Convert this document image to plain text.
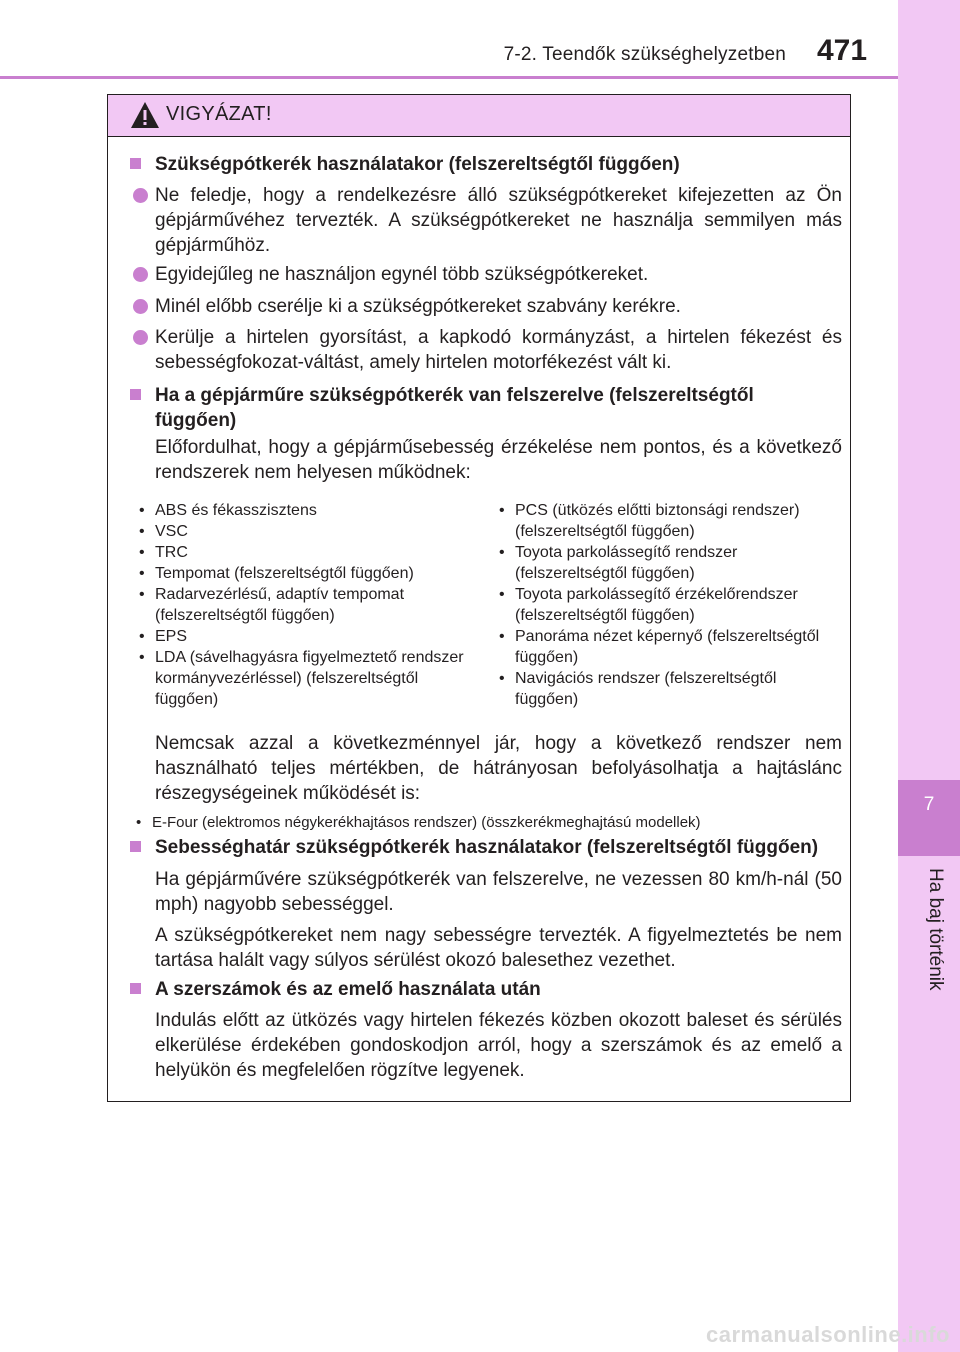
7-2. Teendők szükséghelyzetben	471
7
Ha baj történik
VIGYÁZAT!
Szükségpótkerék használatakor (felszereltségtől függően)
Ne feledje, hogy a rendelkezésre álló szükségpótkereket kifejezetten az Ön gépjárművéhez tervezték. A szükségpótkereket ne használja semmilyen más gépjárműhöz.
Egyidejűleg ne használjon egynél több szükségpótkereket.
Minél előbb cserélje ki a szükségpótkereket szabvány kerékre.
Kerülje a hirtelen gyorsítást, a kapkodó kormányzást, a hirtelen fékezést és sebességfokozat-váltást, amely hirtelen motorfékezést vált ki.
Ha a gépjárműre szükségpótkerék van felszerelve (felszereltségtől függően)
Előfordulhat, hogy a gépjárműsebesség érzékelése nem pontos, és a következő rendszerek nem helyesen működnek:
• ABS és fékasszisztens
• VSC
• TRC
• Tempomat (felszereltségtől függően)
• Radarvezérlésű, adaptív tempomat (felszereltségtől függően)
• EPS
• LDA (sávelhagyásra figyelmeztető rendszer kormányvezérléssel) (felszereltségtől függően)
• PCS (ütközés előtti biztonsági rendszer) (felszereltségtől függően)
• Toyota parkolássegítő rendszer (felszereltségtől függően)
• Toyota parkolássegítő érzékelőrendszer (felszereltségtől függően)
• Panoráma nézet képernyő (felszereltségtől függően)
• Navigációs rendszer (felszereltségtől függően)
Nemcsak azzal a következménnyel jár, hogy a következő rendszer nem használható teljes mértékben, de hátrányosan befolyásolhatja a hajtáslánc részegységeinek működését is:
• E-Four (elektromos négykerékhajtásos rendszer) (összkerékmeghajtású modellek)
Sebességhatár szükségpótkerék használatakor (felszereltségtől függően)
Ha gépjárművére szükségpótkerék van felszerelve, ne vezessen 80 km/h-nál (50 mph) nagyobb sebességgel.
A szükségpótkereket nem nagy sebességre tervezték. A figyelmeztetés be nem tartása halált vagy súlyos sérülést okozó balesethez vezethet.
A szerszámok és az emelő használata után
Indulás előtt az ütközés vagy hirtelen fékezés közben okozott baleset és sérülés elkerülése érdekében gondoskodjon arról, hogy a szerszámok és az emelő a helyükön és megfelelően rögzítve legyenek.
carmanualsonline.info
